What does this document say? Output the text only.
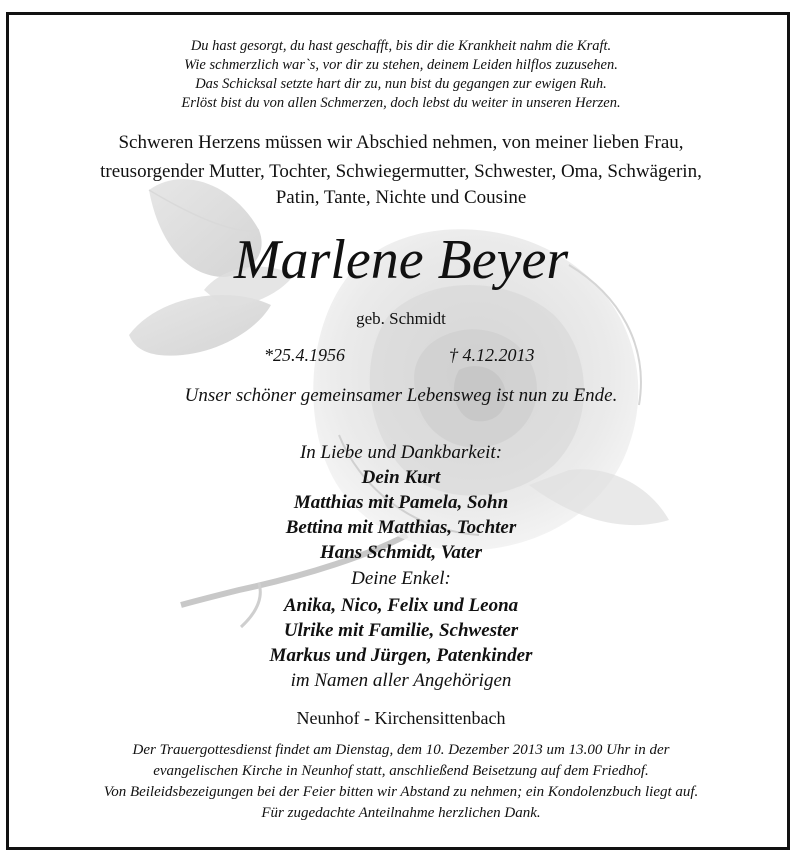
Du hast gesorgt, du hast geschafft, bis dir die Krankheit nahm die Kraft.
Wie schmerzlich war`s, vor dir zu stehen, deinem Leiden hilflos zuzusehen.
Das Schicksal setzte hart dir zu, nun bist du gegangen zur ewigen Ruh.
Erlöst bist du von allen Schmerzen, doch lebst du weiter in unseren Herzen.
Schweren Herzens müssen wir Abschied nehmen, von meiner lieben Frau,
treusorgender Mutter, Tochter, Schwiegermutter, Schwester, Oma, Schwägerin,
Patin, Tante, Nichte und Cousine
Marlene Beyer
geb. Schmidt
*25.4.1956	† 4.12.2013
Unser schöner gemeinsamer Lebensweg ist nun zu Ende.
In Liebe und Dankbarkeit:
Dein Kurt
Matthias mit Pamela, Sohn
Bettina mit Matthias, Tochter
Hans Schmidt, Vater
Deine Enkel:
Anika, Nico, Felix und Leona
Ulrike mit Familie, Schwester
Markus und Jürgen, Patenkinder
im Namen aller Angehörigen
Neunhof - Kirchensittenbach
Der Trauergottesdienst findet am Dienstag, dem 10. Dezember 2013 um 13.00 Uhr in der
evangelischen Kirche in Neunhof statt, anschließend Beisetzung auf dem Friedhof.
Von Beileidsbezeigungen bei der Feier bitten wir Abstand zu nehmen; ein Kondolenzbuch liegt auf.
Für zugedachte Anteilnahme herzlichen Dank.
